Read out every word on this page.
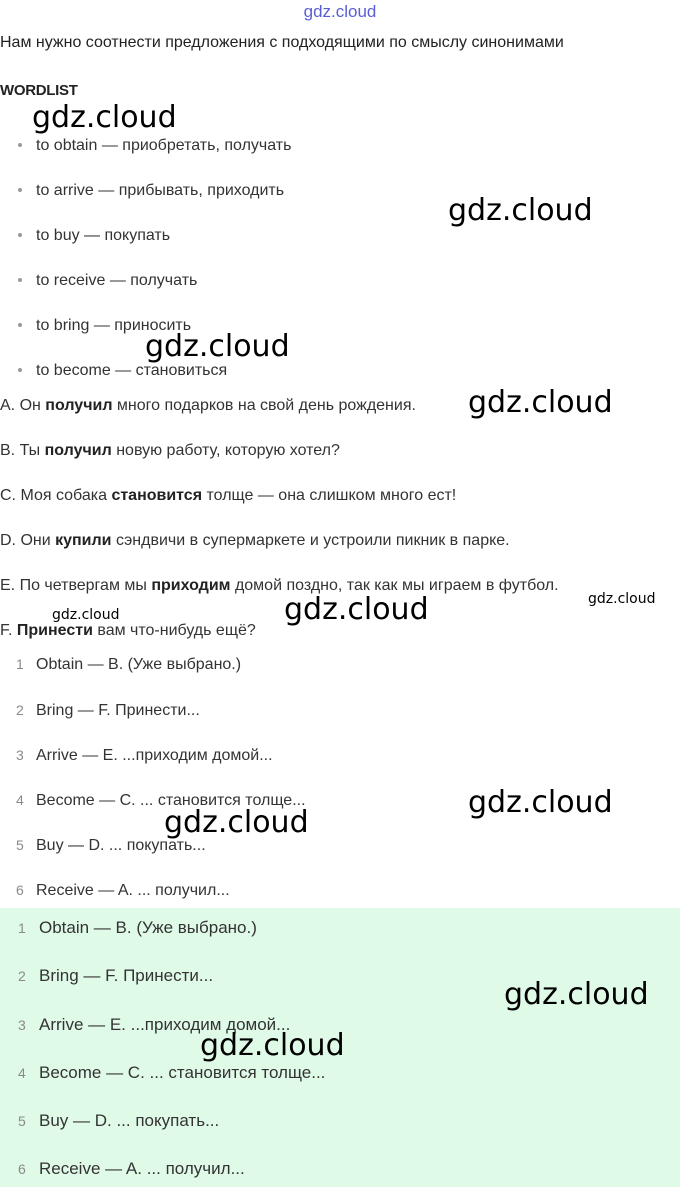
gdz.cloud
Нам нужно соотнести предложения с подходящими по смыслу синонимами
WORDLIST
to obtain — приобретать, получать
to arrive — прибывать, приходить
to buy — покупать
to receive — получать
to bring — приносить
to become — становиться
A. Он получил много подарков на свой день рождения.
B. Ты получил новую работу, которую хотел?
C. Моя собака становится толще — она слишком много ест!
D. Они купили сэндвичи в супермаркете и устроили пикник в парке.
E. По четвергам мы приходим домой поздно, так как мы играем в футбол.
F. Принести вам что-нибудь ещё?
1 Obtain — B. (Уже выбрано.)
2 Bring — F. Принести...
3 Arrive — E. ...приходим домой...
4 Become — C. ... становится толще...
5 Buy — D. ... покупать...
6 Receive — A. ... получил...
1 Obtain — B. (Уже выбрано.)
2 Bring — F. Принести...
3 Arrive — E. ...приходим домой...
4 Become — C. ... становится толще...
5 Buy — D. ... покупать...
6 Receive — A. ... получил...
gdz.cloud
gdz.cloud
gdz.cloud
gdz.cloud
gdz.cloud	gdz.cloud	gdz.cloud
gdz.cloud
gdz.cloud
gdz.cloud
gdz.cloud
